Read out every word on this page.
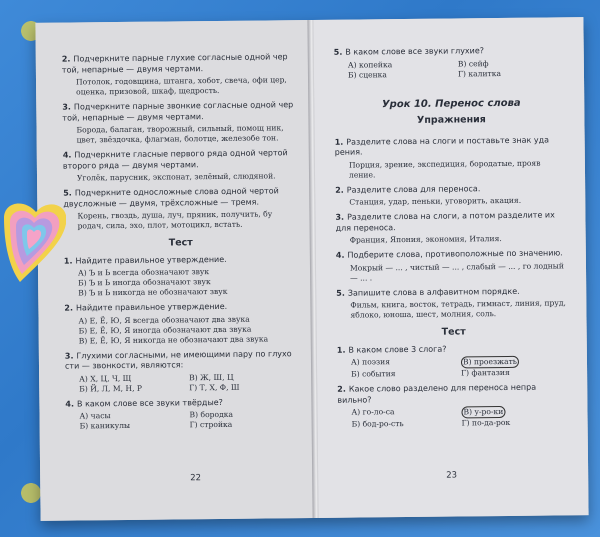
2. Подчеркните парные глухие согласные одной чер той, непарные — двумя чертами.

Потолок, годовщина, штанга, хобот, свеча, офи цер, оценка, призовой, шкаф, щедрость.

3. Подчеркните парные звонкие согласные одной чер той, непарные — двумя чертами.

Борода, балаган, творожный, сильный, помощ ник, цвет, звёздочка, флагман, болотце, железобе тон.

4. Подчеркните гласные первого ряда одной чертой второго ряда — двумя чертами.

Уголёк, парусник, экспонат, зелёный, слюдяной.

5. Подчеркните односложные слова одной чертой двусложные — двумя, трёхсложные — тремя.

Корень, гвоздь, душа, луч, пряник, получить, бу родач, сила, эхо, плот, мотоцикл, встать.

Тест

1. Найдите правильное утверждение.

А) Ъ и Ь всегда обозначают звук
Б) Ъ и Ь иногда обозначают звук
В) Ъ и Ь никогда не обозначают звук

2. Найдите правильное утверждение.

А) Е, Ё, Ю, Я всегда обозначают два звука
Б) Е, Ё, Ю, Я иногда обозначают два звука
В) Е, Ё, Ю, Я никогда не обозначают два звука

3. Глухими согласными, не имеющими пару по глухо сти — звонкости, являются:

А) Х, Ц, Ч, Щ	В) Ж, Ш, Ц
Б) Й, Л, М, Н, Р	Г) Т, Х, Ф, Ш

4. В каком слове все звуки твёрдые?

А) часы	В) бородка
Б) каникулы	Г) стройка
22

5. В каком слове все звуки глухие?

А) копейка	В) сейф
Б) сценка	Г) калитка
Урок 10. Перенос слова
Упражнения

1. Разделите слова на слоги и поставьте знак уда рения.

Порция, зрение, экспедиция, бородатые, прояв ление.

2. Разделите слова для переноса.

Станция, удар, пеньки, уговорить, акация.

3. Разделите слова на слоги, а потом разделите их для переноса.

Франция, Япония, экономия, Италия.

4. Подберите слова, противоположные по значению.

Мокрый — ... , чистый — ... , слабый — ... , го лодный — ... .

5. Запишите слова в алфавитном порядке.

Фильм, книга, восток, тетрадь, гимнаст, линия, пруд, яблоко, юноша, шест, молния, соль.

Тест

1. В каком слове 3 слога?

А) поэзия	В) проезжать
Б) события	Г) фантазия

2. Какое слово разделено для переноса непра вильно?

А) го-ло-са	В) у-ро-ки
Б) бод-ро-сть	Г) по-да-рок
23
